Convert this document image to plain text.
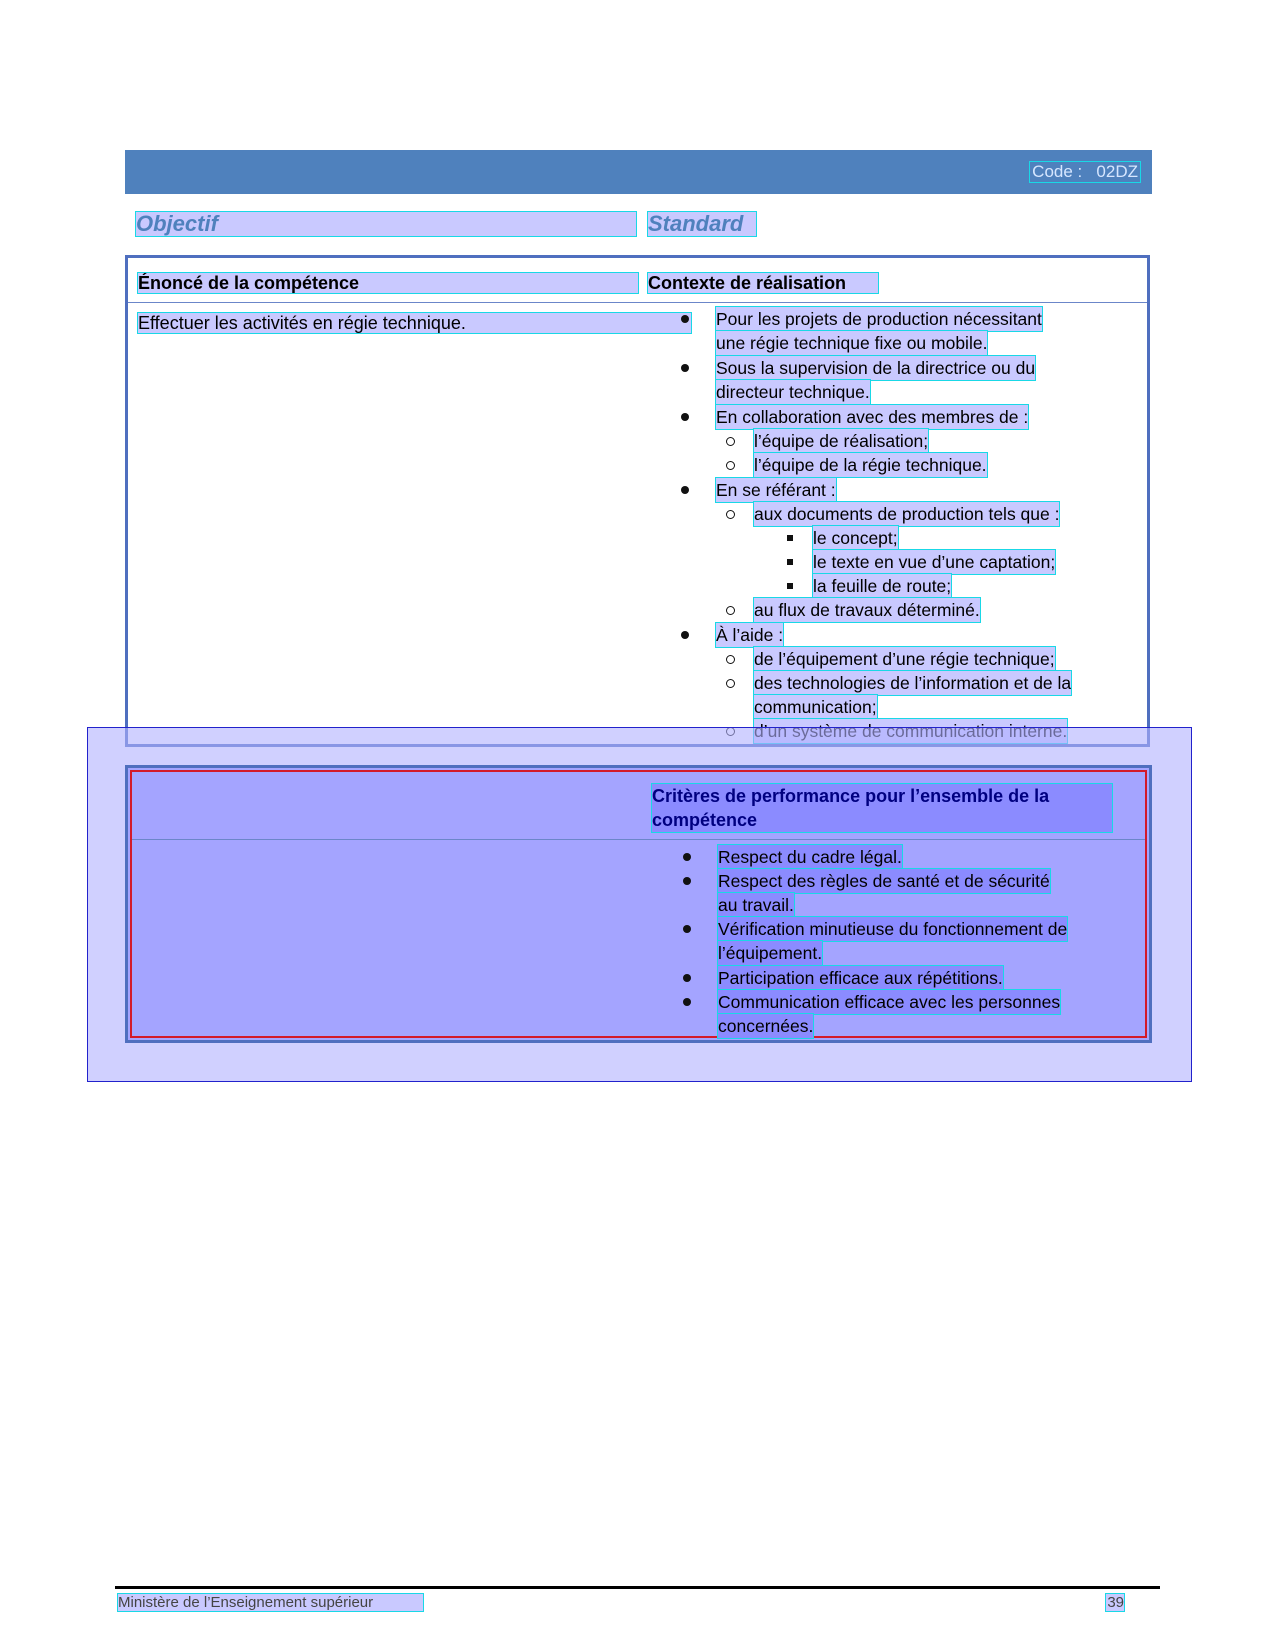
Code :   02DZ
Objectif	Standard
Énoncé de la compétence	Contexte de réalisation
Effectuer les activités en régie technique.	Pour les projets de production nécessitant
une régie technique fixe ou mobile.
Sous la supervision de la directrice ou du
directeur technique.
En collaboration avec des membres de :
l’équipe de réalisation;
l’équipe de la régie technique.
En se référant :
aux documents de production tels que :
le concept;
le texte en vue d’une captation;
la feuille de route;
au flux de travaux déterminé.
À l’aide :
de l’équipement d’une régie technique;
des technologies de l’information et de la
communication;
Critères de performance pour l’ensemble de la compétence
Respect du cadre légal.
Respect des règles de santé et de sécurité
au travail.
Vérification minutieuse du fonctionnement de
l’équipement.
Participation efficace aux répétitions.
Communication efficace avec les personnes
concernées.
Ministère de l’Enseignement supérieur	39
